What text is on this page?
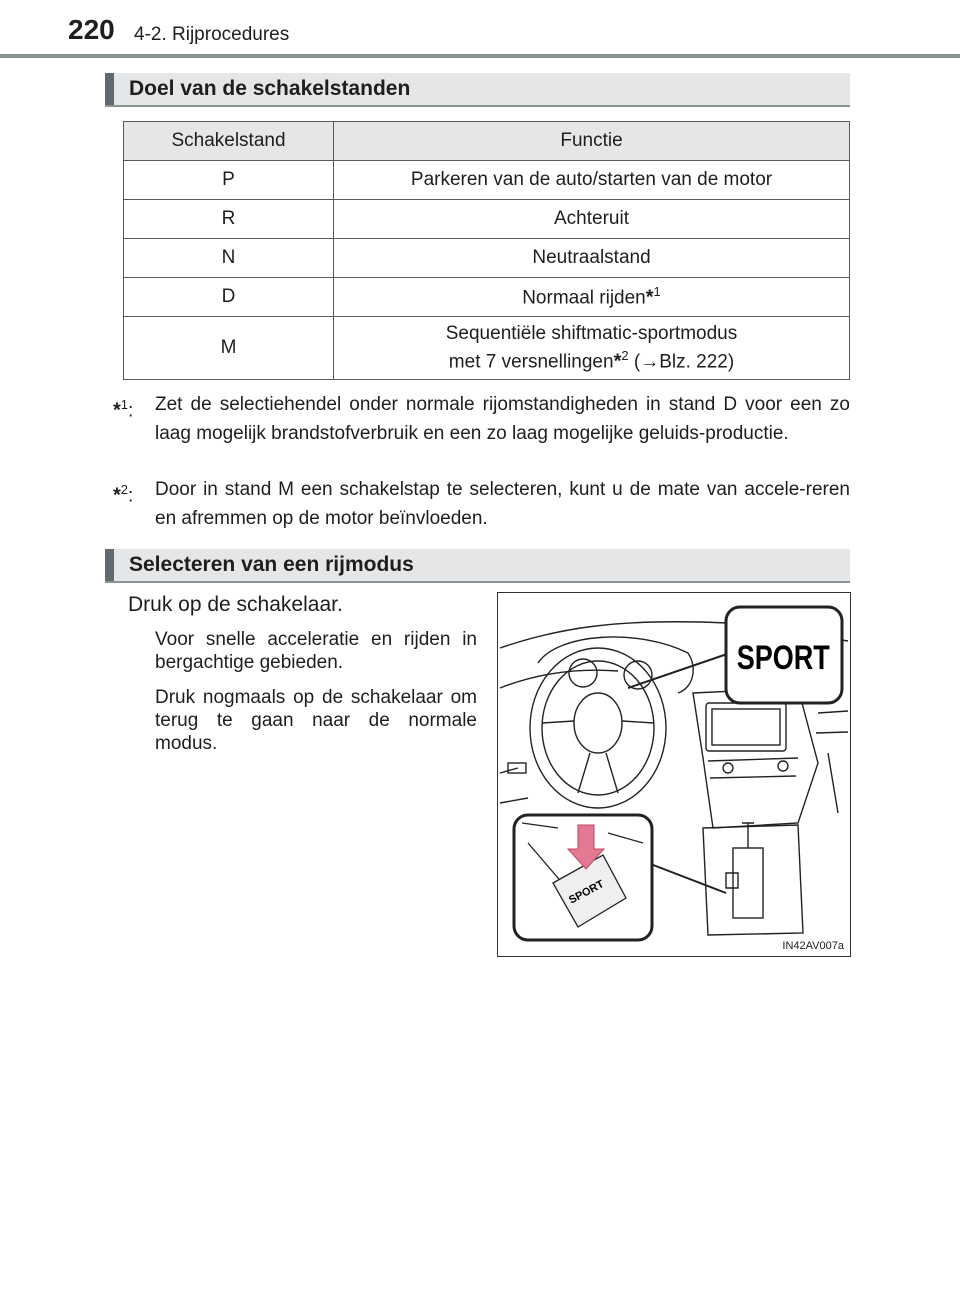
220 4-2. Rijprocedures
Doel van de schakelstanden
Schakelstand	Functie
P	Parkeren van de auto/starten van de motor
R	Achteruit
N	Neutraalstand
D	Normaal rijden*$^1$
M	Sequentiële shiftmatic-sportmodus
met 7 versnellingen*$^2$ (→Blz. 222)
*$^1$: Zet de selectiehendel onder normale rijomstandigheden in stand D voor een zo laag mogelijk brandstofverbruik en een zo laag mogelijke geluids-productie.
*$^2$: Door in stand M een schakelstap te selecteren, kunt u de mate van accele-reren en afremmen op de motor beïnvloeden.
Selecteren van een rijmodus
Druk op de schakelaar.
Voor snelle acceleratie en rijden in bergachtige gebieden.
Druk nogmaals op de schakelaar om terug te gaan naar de normale modus.
SPORT
SPORT
IN42AV007a
